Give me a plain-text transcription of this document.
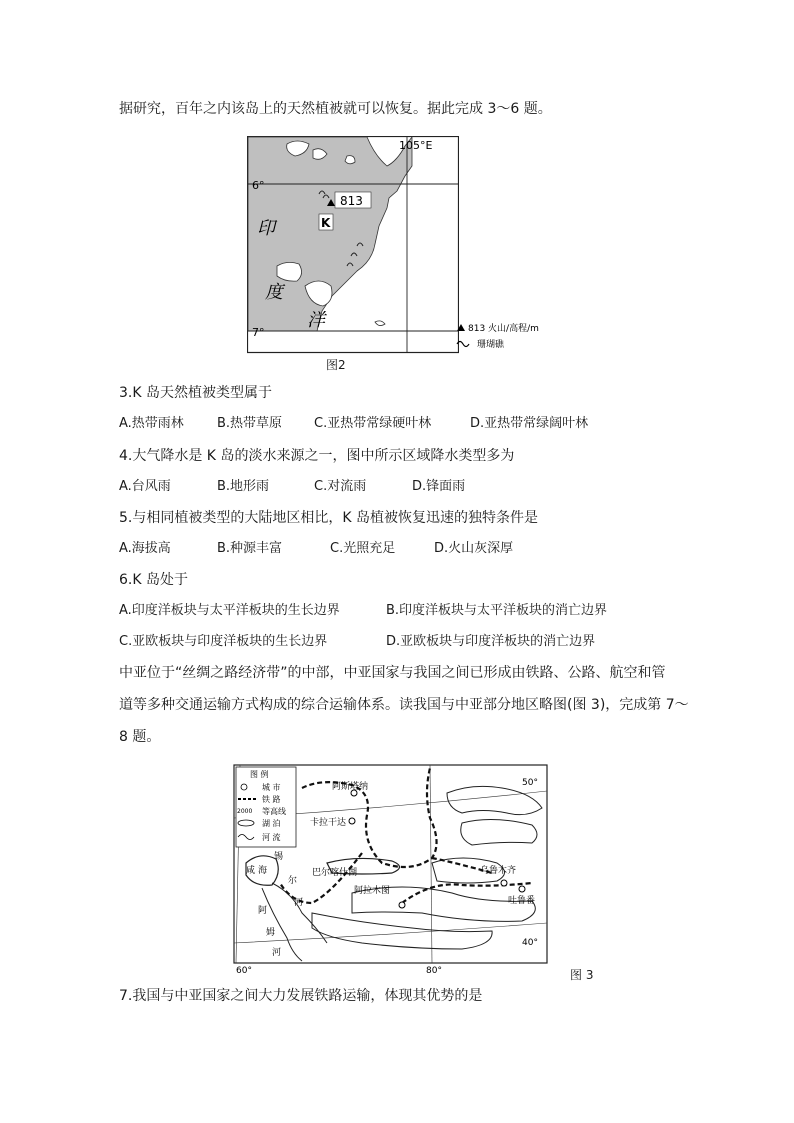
据研究，百年之内该岛上的天然植被就可以恢复。据此完成 3～6 题。
105°E
6°
7°
813
K
印
度
洋	813 火山/高程/m
珊瑚礁
图2
3.K 岛天然植被类型属于
A.热带雨林	B.热带草原 C.亚热带常绿硬叶林	D.亚热带常绿阔叶林
4.大气降水是 K 岛的淡水来源之一，图中所示区域降水类型多为
A.台风雨	B.地形雨	C.对流雨	D.锋面雨
5.与相同植被类型的大陆地区相比，K 岛植被恢复迅速的独特条件是
A.海拔高	B.种源丰富	C.光照充足	D.火山灰深厚
6.K 岛处于
A.印度洋板块与太平洋板块的生长边界	B.印度洋板块与太平洋板块的消亡边界
C.亚欧板块与印度洋板块的生长边界	D.亚欧板块与印度洋板块的消亡边界
中亚位于“丝绸之路经济带”的中部，中亚国家与我国之间已形成由铁路、公路、航空和管
道等多种交通运输方式构成的综合运输体系。读我国与中亚部分地区略图(图 3)，完成第 7～
8 题。
图 例
城 市
铁 路
2000 等高线
湖 泊
河 流
阿斯塔纳
卡拉干达
巴尔喀什湖
阿拉木图
乌鲁木齐
吐鲁番
锡
尔
河
阿
姆
河
咸 海
50°
40°
60°	80°	图 3
7.我国与中亚国家之间大力发展铁路运输，体现其优势的是
